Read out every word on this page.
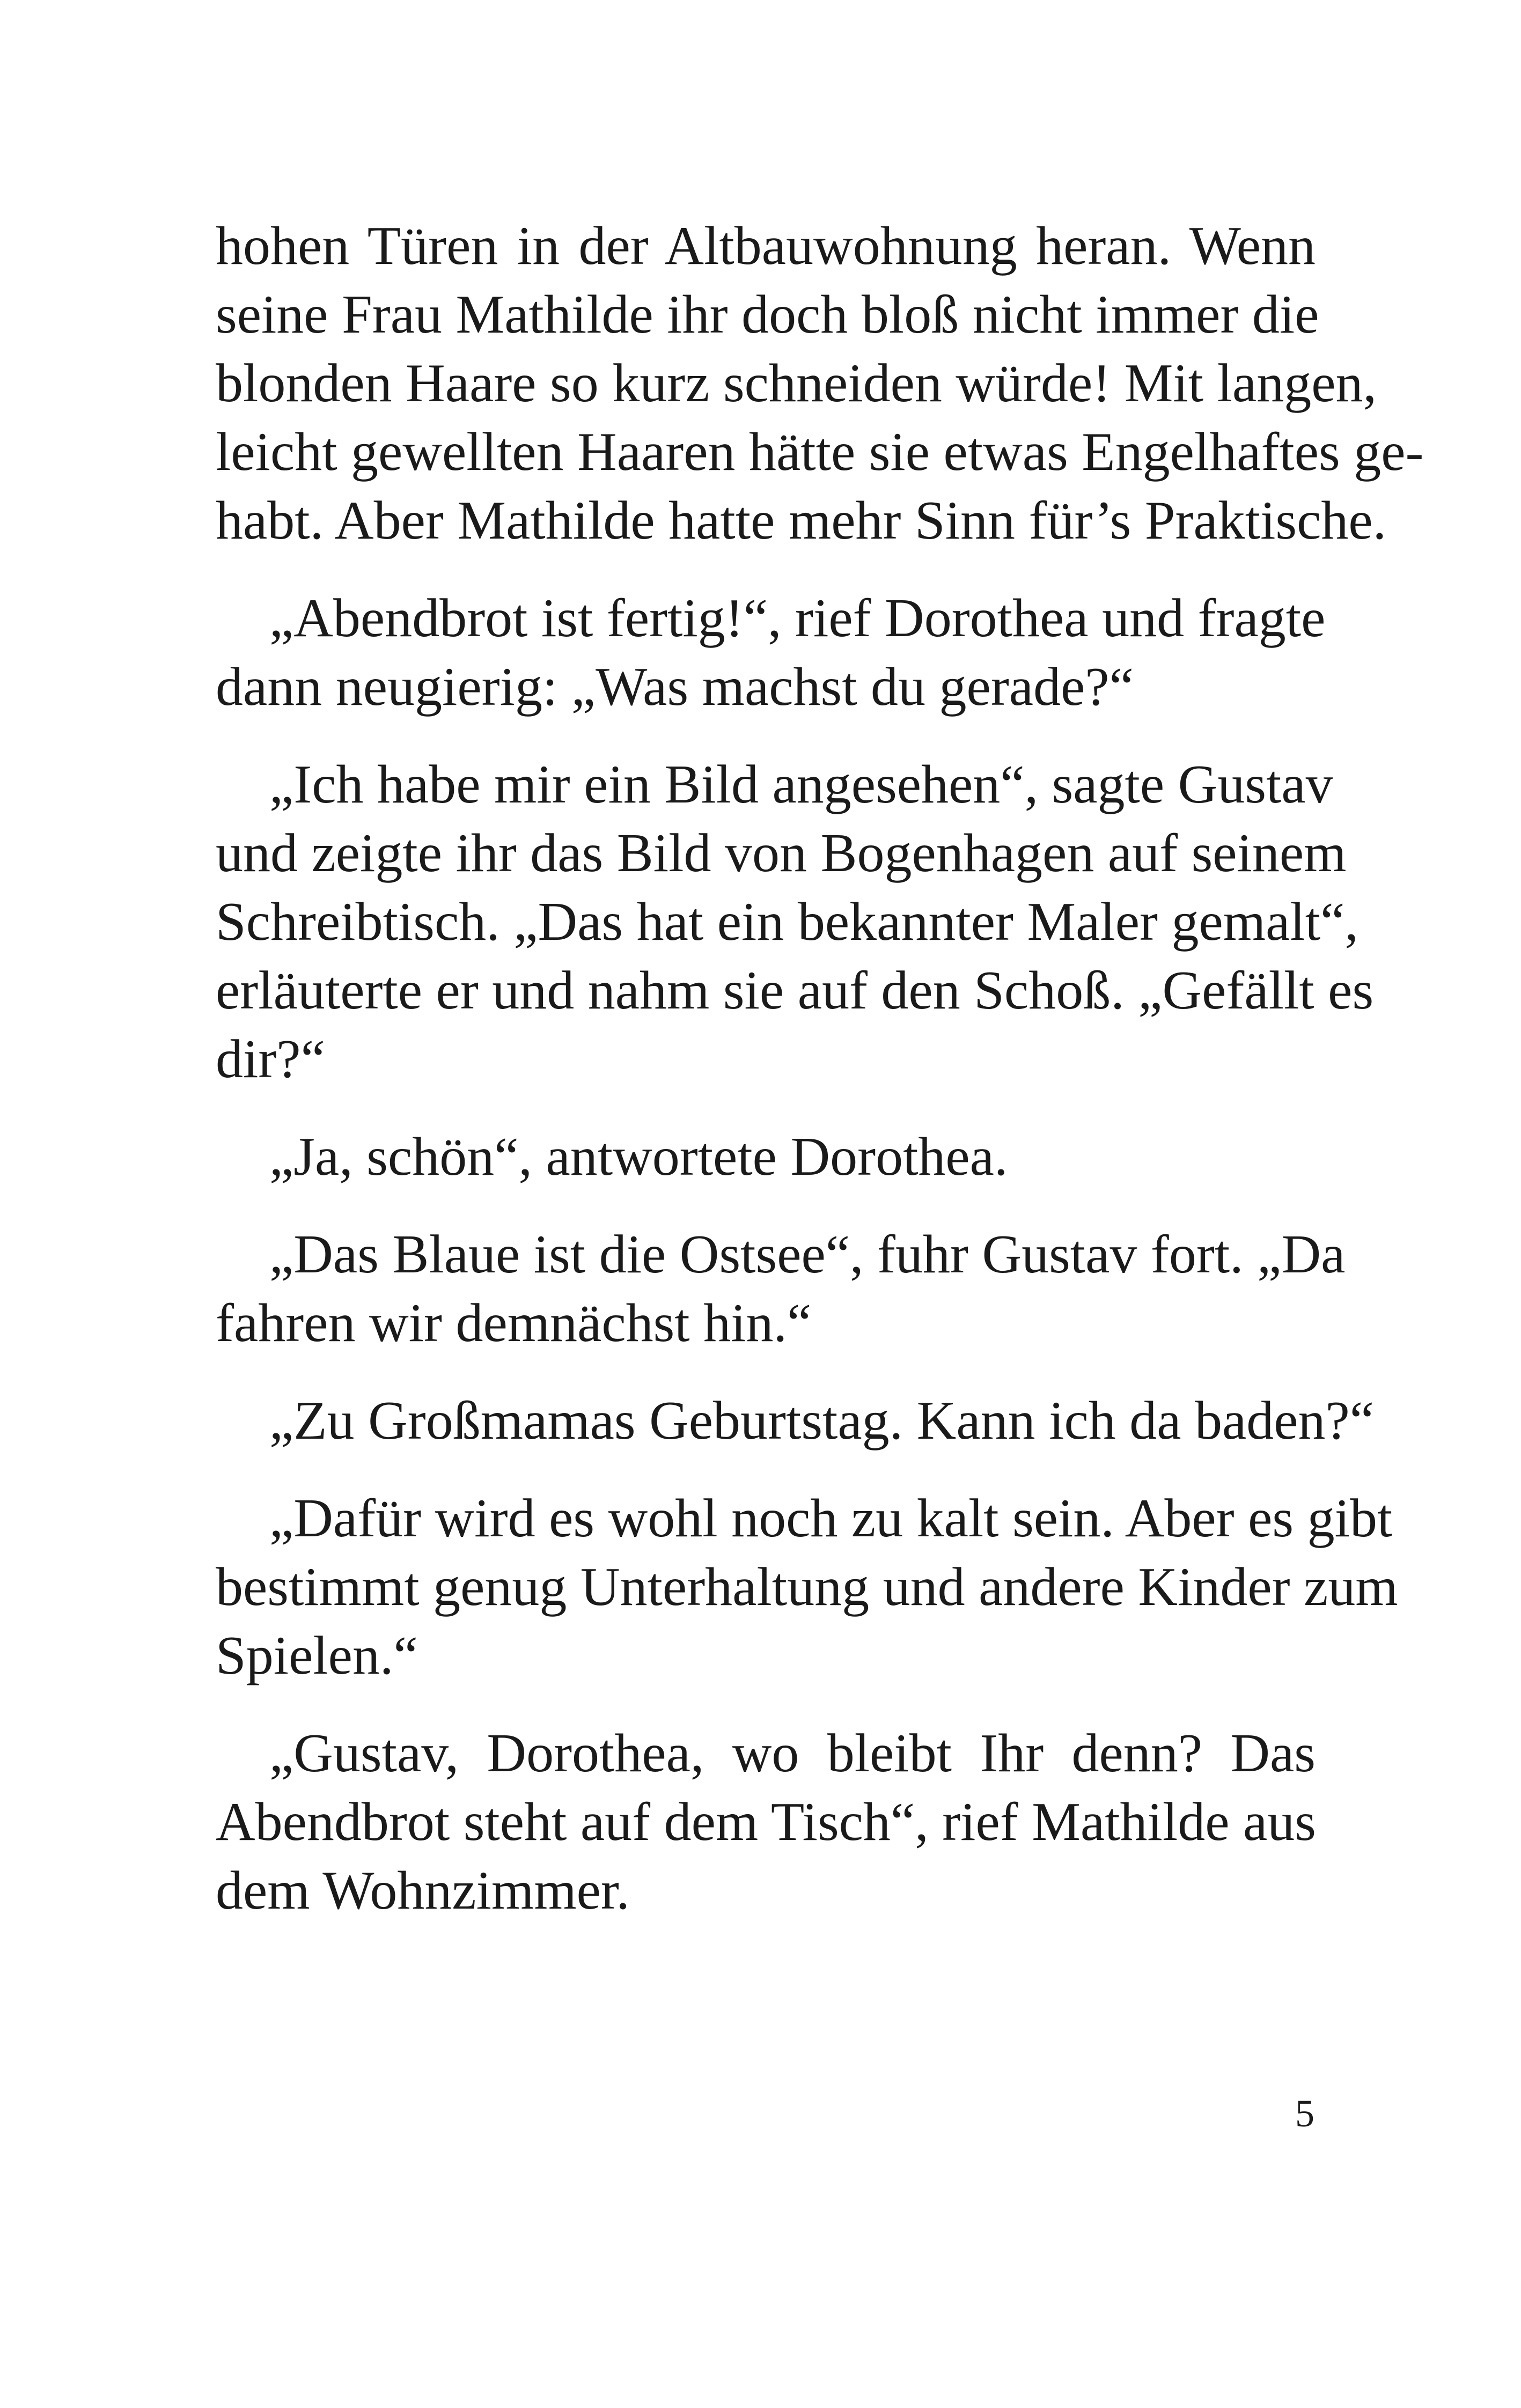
hohen Türen in der Altbauwohnung heran. Wenn
seine Frau Mathilde ihr doch bloß nicht immer die
blonden Haare so kurz schneiden würde! Mit langen,
leicht gewellten Haaren hätte sie etwas Engelhaftes ge-
habt. Aber Mathilde hatte mehr Sinn für’s Praktische.
„Abendbrot ist fertig!“, rief Dorothea und fragte
dann neugierig: „Was machst du gerade?“
„Ich habe mir ein Bild angesehen“, sagte Gustav
und zeigte ihr das Bild von Bogenhagen auf seinem
Schreibtisch. „Das hat ein bekannter Maler gemalt“,
erläuterte er und nahm sie auf den Schoß. „Gefällt es
dir?“
„Ja, schön“, antwortete Dorothea.
„Das Blaue ist die Ostsee“, fuhr Gustav fort. „Da
fahren wir demnächst hin.“
„Zu Großmamas Geburtstag. Kann ich da baden?“
„Dafür wird es wohl noch zu kalt sein. Aber es gibt
bestimmt genug Unterhaltung und andere Kinder zum
Spielen.“
„Gustav, Dorothea, wo bleibt Ihr denn? Das
Abendbrot steht auf dem Tisch“, rief Mathilde aus
dem Wohnzimmer.
5
